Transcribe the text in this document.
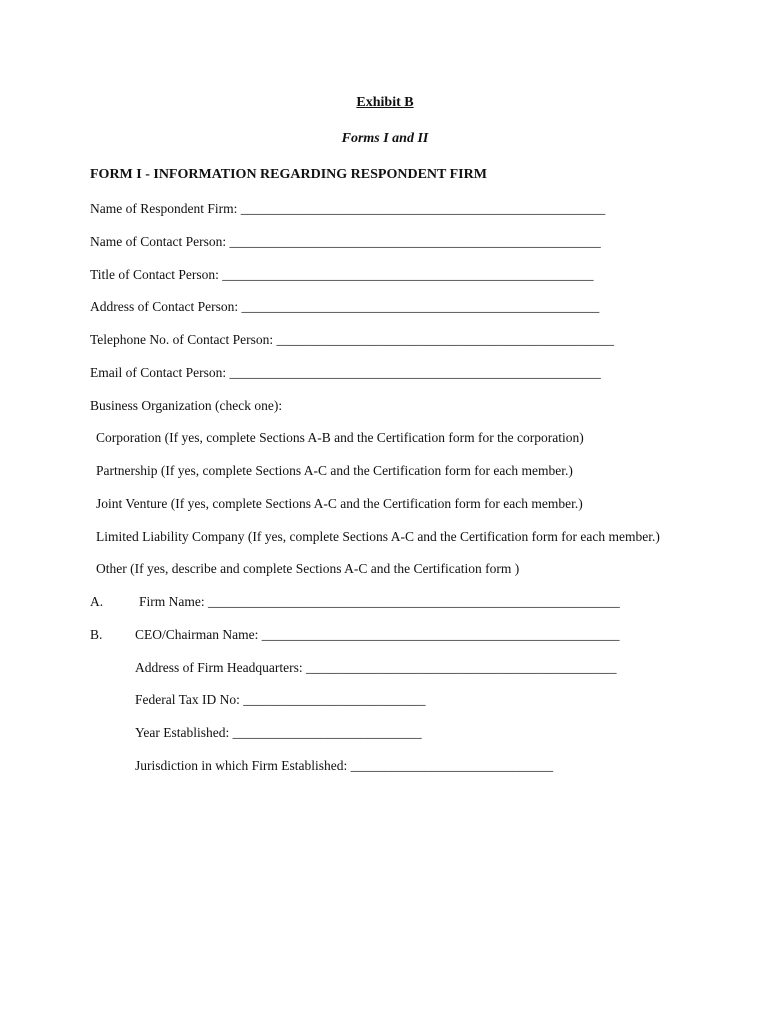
Exhibit B
Forms I and II
FORM I - INFORMATION REGARDING RESPONDENT FIRM
Name of Respondent Firm: ______________________________________________________
Name of Contact Person: _______________________________________________________
Title of Contact Person: _______________________________________________________
Address of Contact Person: _____________________________________________________
Telephone No. of Contact Person: __________________________________________________
Email of Contact Person: _______________________________________________________
Business Organization (check one):
Corporation (If yes, complete Sections A-B and the Certification form for the corporation)
Partnership (If yes, complete Sections A-C and the Certification form for each member.)
Joint Venture (If yes, complete Sections A-C and the Certification form for each member.)
Limited Liability Company (If yes, complete Sections A-C and the Certification form for each member.)
Other (If yes, describe and complete Sections A-C and the Certification form )
A.	Firm Name: _____________________________________________________________
B. CEO/Chairman Name: _____________________________________________________
Address of Firm Headquarters: ______________________________________________
Federal Tax ID No: ___________________________
Year Established: ____________________________
Jurisdiction in which Firm Established: ______________________________
